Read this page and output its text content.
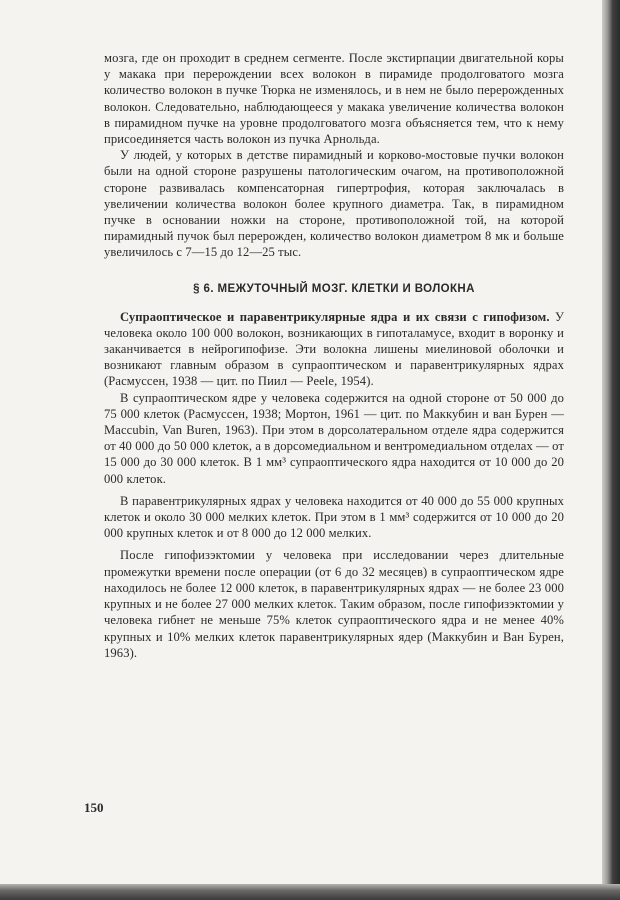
мозга, где он проходит в среднем сегменте. После экстирпации двигательной коры у макака при перерождении всех волокон в пирамиде продолговатого мозга количество волокон в пучке Тюрка не изменялось, и в нем не было перерожденных волокон. Следовательно, наблюдающееся у макака увеличение количества волокон в пирамидном пучке на уровне продолговатого мозга объясняется тем, что к нему присоединяется часть волокон из пучка Арнольда.

У людей, у которых в детстве пирамидный и корково-мостовые пучки волокон были на одной стороне разрушены патологическим очагом, на противоположной стороне развивалась компенсаторная гипертрофия, которая заключалась в увеличении количества волокон более крупного диаметра. Так, в пирамидном пучке в основании ножки на стороне, противоположной той, на которой пирамидный пучок был перерожден, количество волокон диаметром 8 мк и больше увеличилось с 7—15 до 12—25 тыс.

§ 6. МЕЖУТОЧНЫЙ МОЗГ. КЛЕТКИ И ВОЛОКНА

Супраоптическое и паравентрикулярные ядра и их связи с гипофизом. У человека около 100 000 волокон, возникающих в гипоталамусе, входит в воронку и заканчивается в нейрогипофизе. Эти волокна лишены миелиновой оболочки и возникают главным образом в супраоптическом и паравентрикулярных ядрах (Расмуссен, 1938 — цит. по Пиил — Peele, 1954).

В супраоптическом ядре у человека содержится на одной стороне от 50 000 до 75 000 клеток (Расмуссен, 1938; Мортон, 1961 — цит. по Маккубин и ван Бурен — Maccubin, Van Buren, 1963). При этом в дорсолатеральном отделе ядра содержится от 40 000 до 50 000 клеток, а в дорсомедиальном и вентромедиальном отделах — от 15 000 до 30 000 клеток. В 1 мм³ супраоптического ядра находится от 10 000 до 20 000 клеток.

В паравентрикулярных ядрах у человека находится от 40 000 до 55 000 крупных клеток и около 30 000 мелких клеток. При этом в 1 мм³ содержится от 10 000 до 20 000 крупных клеток и от 8 000 до 12 000 мелких.

После гипофизэктомии у человека при исследовании через длительные промежутки времени после операции (от 6 до 32 месяцев) в супраоптическом ядре находилось не более 12 000 клеток, в паравентрикулярных ядрах — не более 23 000 крупных и не более 27 000 мелких клеток. Таким образом, после гипофизэктомии у человека гибнет не меньше 75% клеток супраоптического ядра и не менее 40% крупных и 10% мелких клеток паравентрикулярных ядер (Маккубин и Ван Бурен, 1963).

150
